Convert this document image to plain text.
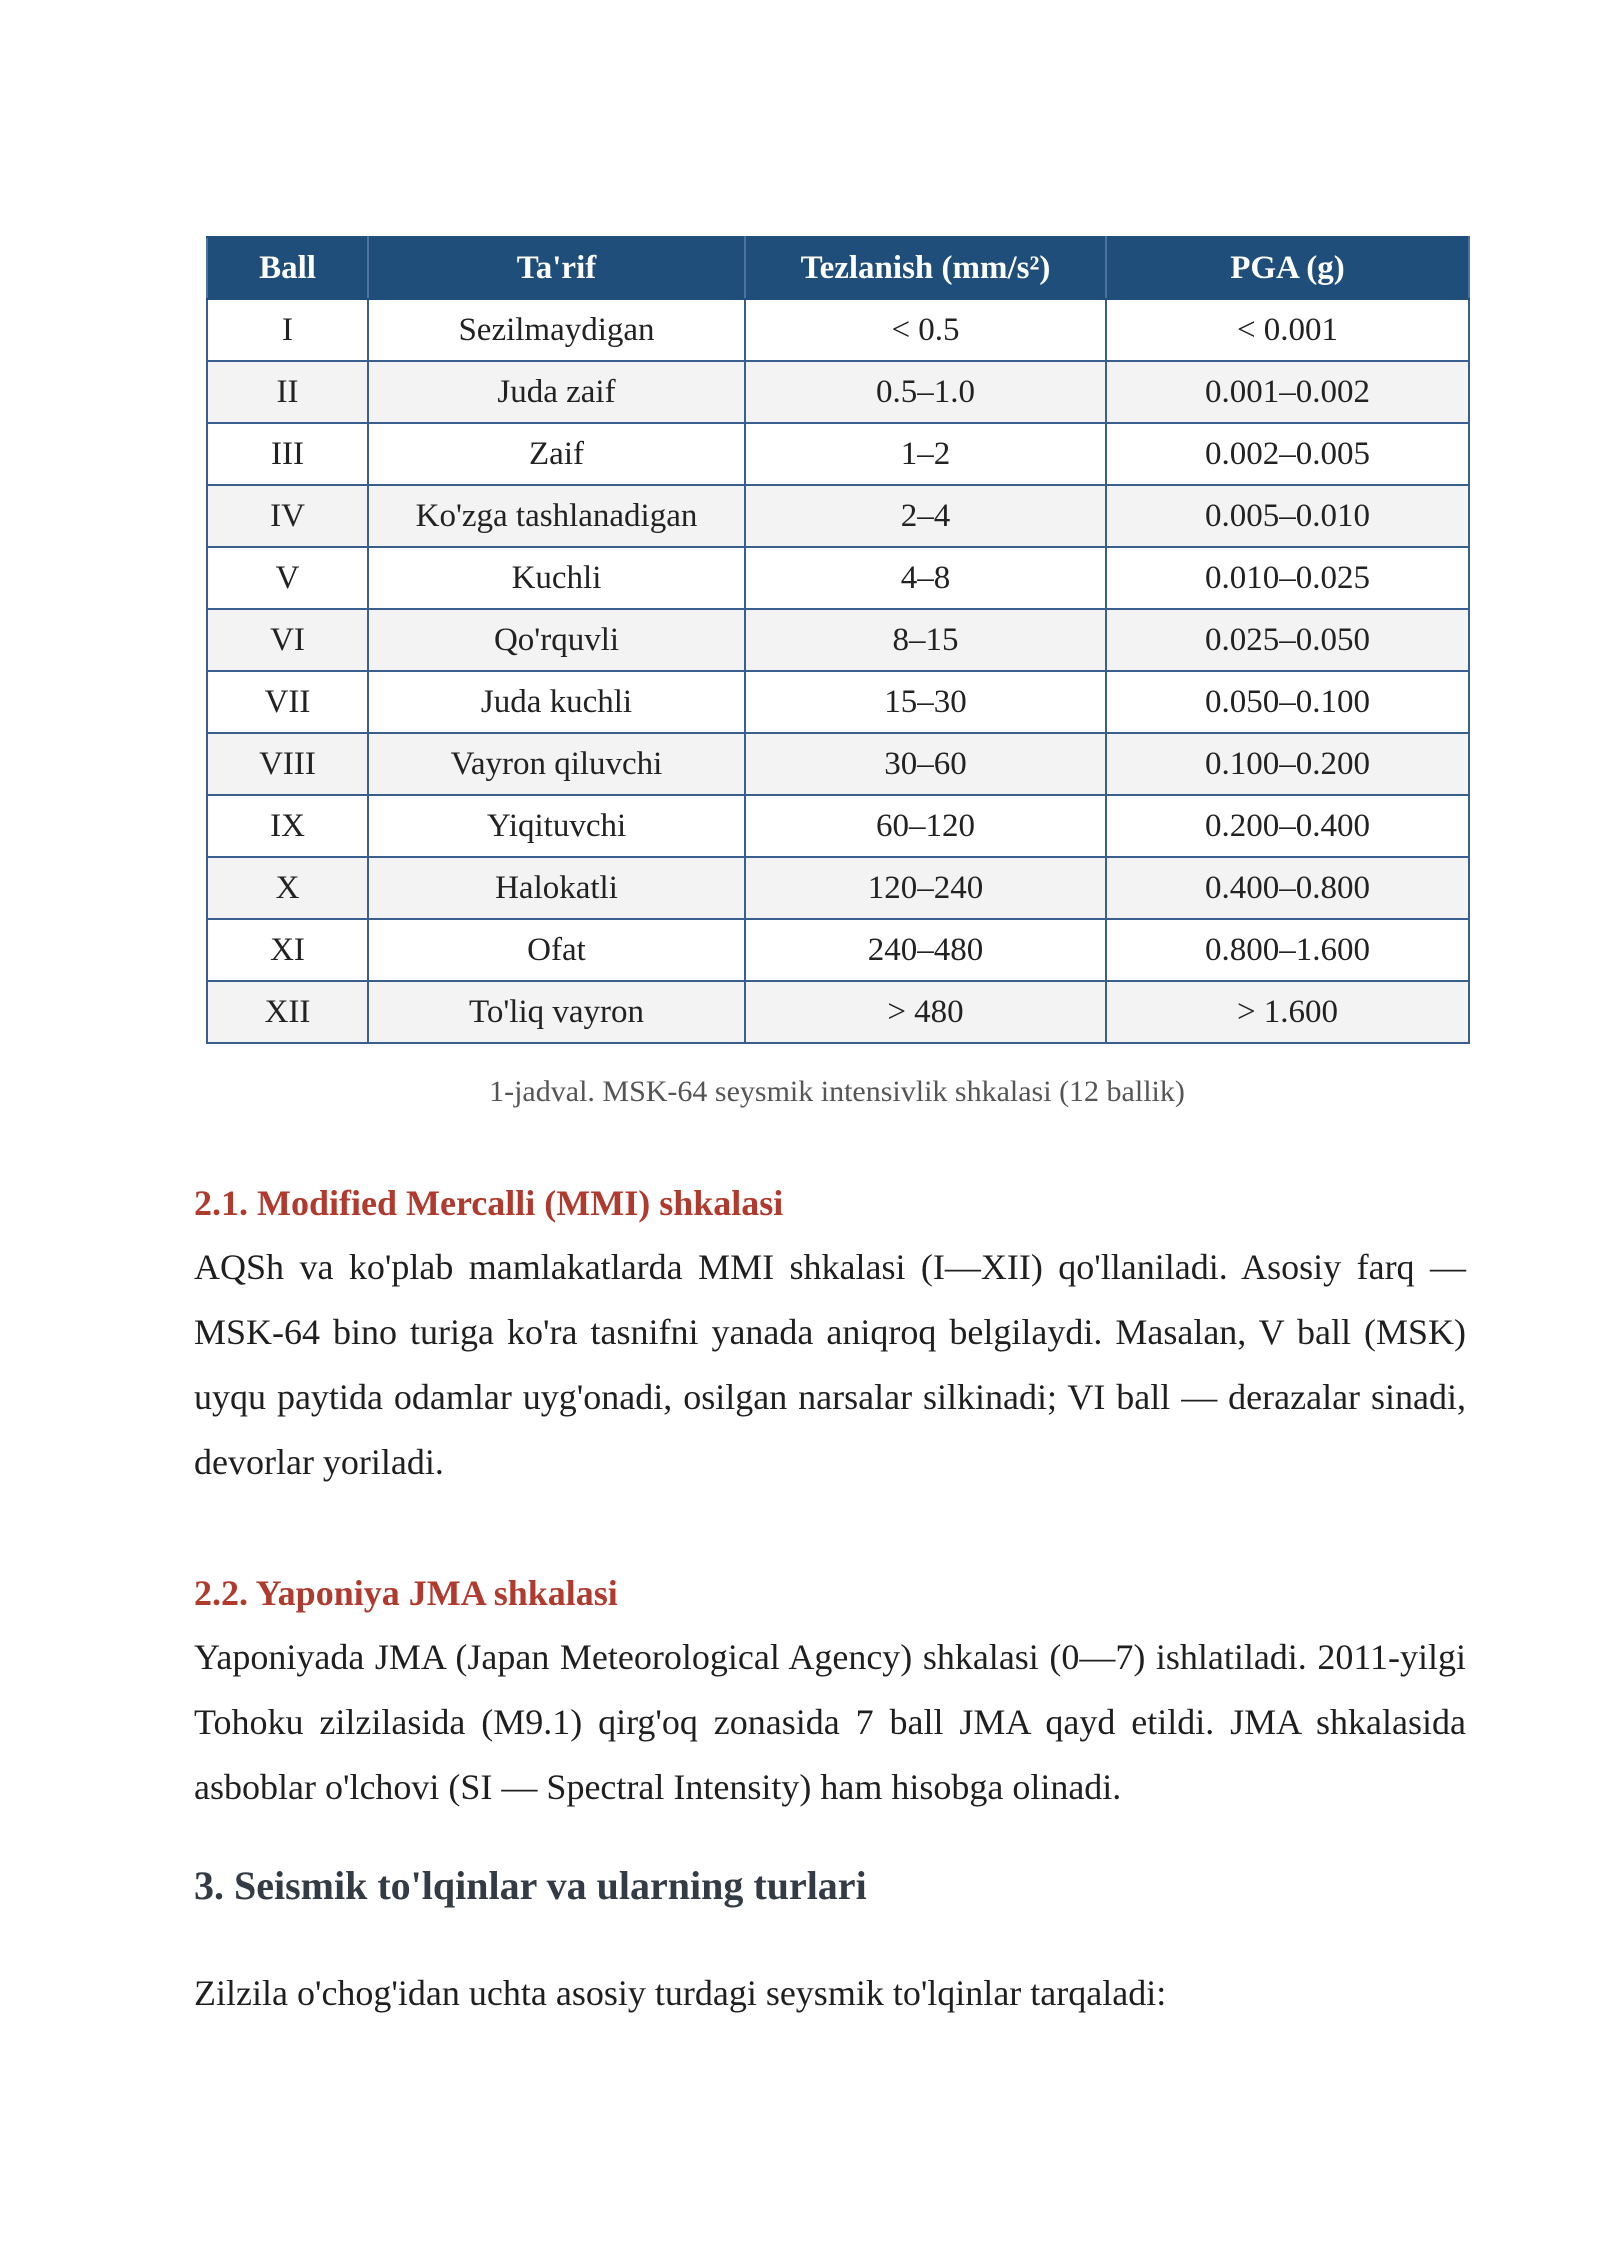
Ball	Ta'rif	Tezlanish (mm/s²)	PGA (g)
I	Sezilmaydigan	< 0.5	< 0.001
II	Juda zaif	0.5–1.0	0.001–0.002
III	Zaif	1–2	0.002–0.005
IV	Ko'zga tashlanadigan	2–4	0.005–0.010
V	Kuchli	4–8	0.010–0.025
VI	Qo'rquvli	8–15	0.025–0.050
VII	Juda kuchli	15–30	0.050–0.100
VIII	Vayron qiluvchi	30–60	0.100–0.200
IX	Yiqituvchi	60–120	0.200–0.400
X	Halokatli	120–240	0.400–0.800
XI	Ofat	240–480	0.800–1.600
XII	To'liq vayron	> 480	> 1.600
1-jadval. MSK-64 seysmik intensivlik shkalasi (12 ballik)
2.1. Modified Mercalli (MMI) shkalasi

AQSh va ko'plab mamlakatlarda MMI shkalasi (I—XII) qo'llaniladi. Asosiy farq — MSK-64 bino turiga ko'ra tasnifni yanada aniqroq belgilaydi. Masalan, V ball (MSK) uyqu paytida odamlar uyg'onadi, osilgan narsalar silkinadi; VI ball — derazalar sinadi, devorlar yoriladi.

2.2. Yaponiya JMA shkalasi

Yaponiyada JMA (Japan Meteorological Agency) shkalasi (0—7) ishlatiladi. 2011-yilgi Tohoku zilzilasida (M9.1) qirg'oq zonasida 7 ball JMA qayd etildi. JMA shkalasida asboblar o'lchovi (SI — Spectral Intensity) ham hisobga olinadi.

3. Seismik to'lqinlar va ularning turlari

Zilzila o'chog'idan uchta asosiy turdagi seysmik to'lqinlar tarqaladi:
